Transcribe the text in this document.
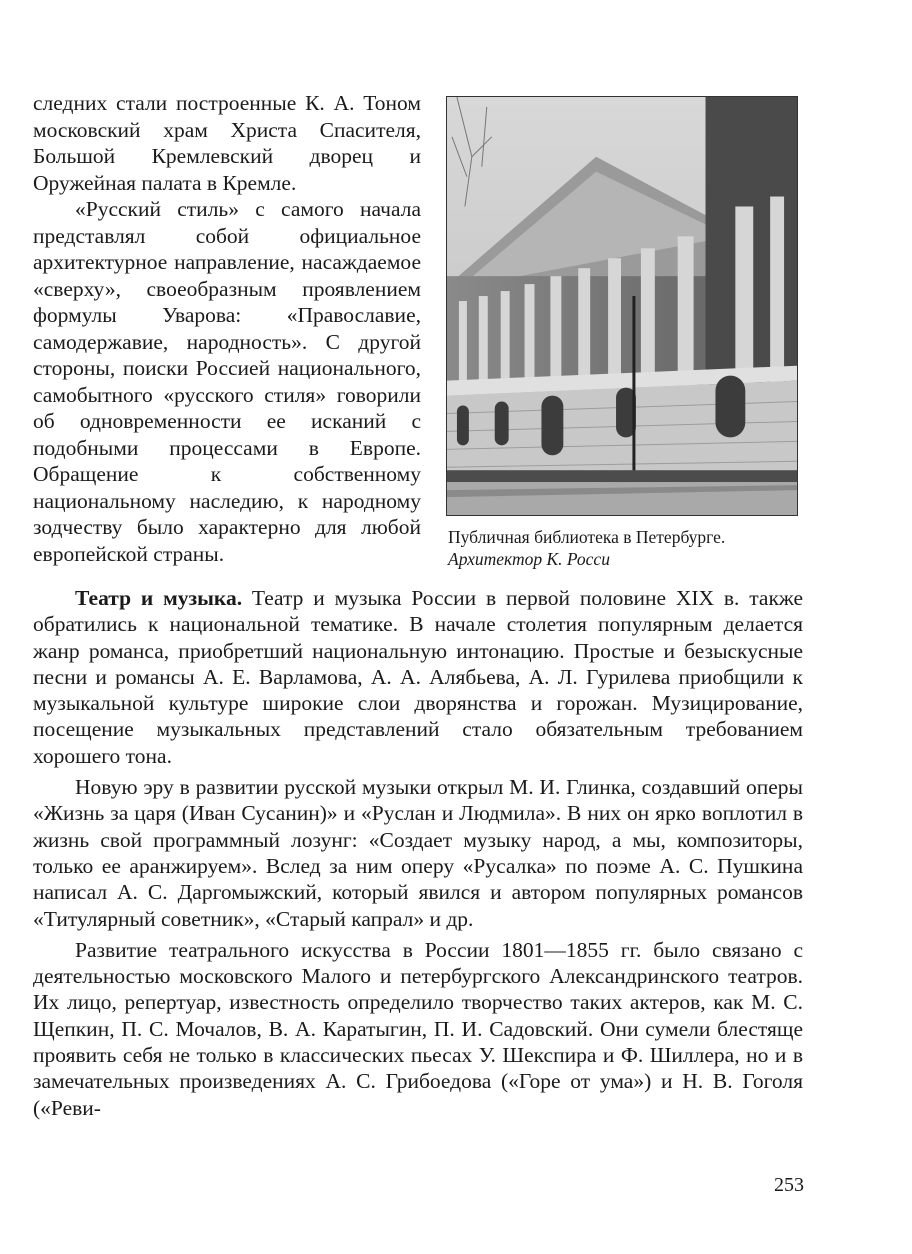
следних стали построенные К. А. Тоном московский храм Христа Спасителя, Большой Кремлевский дворец и Оружейная палата в Кремле.

«Русский стиль» с самого начала представлял собой официальное архитектурное направление, насаждаемое «сверху», своеобразным проявлением формулы Уварова: «Православие, самодержавие, народность». С другой стороны, поиски Россией национального, самобытного «русского стиля» говорили об одновременности ее исканий с подобными процессами в Европе. Обращение к собственному национальному наследию, к народному зодчеству было характерно для любой европейской страны.

Публичная библиотека в Петербурге.
Архитектор К. Росси

Театр и музыка. Театр и музыка России в первой половине XIX в. также обратились к национальной тематике. В начале столетия популярным делается жанр романса, приобретший национальную интонацию. Простые и безыскусные песни и романсы А. Е. Варламова, А. А. Алябьева, А. Л. Гурилева приобщили к музыкальной культуре широкие слои дворянства и горожан. Музицирование, посещение музыкальных представлений стало обязательным требованием хорошего тона.

Новую эру в развитии русской музыки открыл М. И. Глинка, создавший оперы «Жизнь за царя (Иван Сусанин)» и «Руслан и Людмила». В них он ярко воплотил в жизнь свой программный лозунг: «Создает музыку народ, а мы, композиторы, только ее аранжируем». Вслед за ним оперу «Русалка» по поэме А. С. Пушкина написал А. С. Даргомыжский, который явился и автором популярных романсов «Титулярный советник», «Старый капрал» и др.

Развитие театрального искусства в России 1801—1855 гг. было связано с деятельностью московского Малого и петербургского Александринского театров. Их лицо, репертуар, известность определило творчество таких актеров, как М. С. Щепкин, П. С. Мочалов, В. А. Каратыгин, П. И. Садовский. Они сумели блестяще проявить себя не только в классических пьесах У. Шекспира и Ф. Шиллера, но и в замечательных произведениях А. С. Грибоедова («Горе от ума») и Н. В. Гоголя («Реви-

253
